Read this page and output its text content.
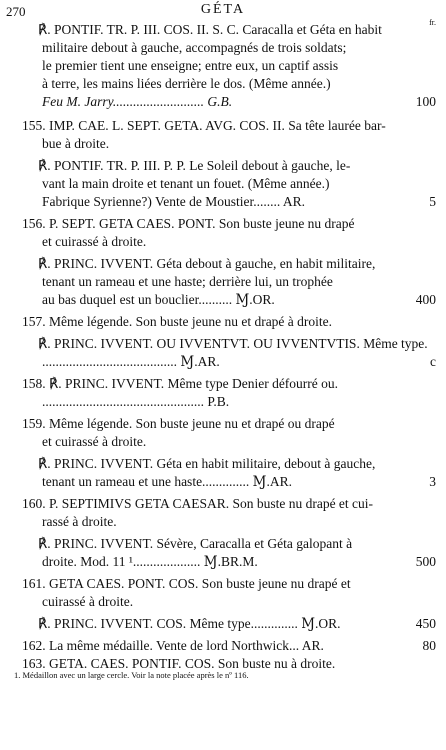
270	GÉTA
fr.
℟. PONTIF. TR. P. III. COS. II. S. C. Caracalla et Géta en habit
militaire debout à gauche, accompagnés de trois soldats;
le premier tient une enseigne; entre eux, un captif assis
à terre, les mains liées derrière le dos. (Même année.)
Feu M. Jarry........................... G.B.	100
155. IMP. CAE. L. SEPT. GETA. AVG. COS. II. Sa tête laurée bar-
bue à droite.
℟. PONTIF. TR. P. III. P. P. Le Soleil debout à gauche, le-
vant la main droite et tenant un fouet. (Même année.)
Fabrique Syrienne?) Vente de Moustier........ AR.	5
156. P. SEPT. GETA CAES. PONT. Son buste jeune nu drapé
et cuirassé à droite.
℟. PRINC. IVVENT. Géta debout à gauche, en habit militaire,
tenant un rameau et une haste; derrière lui, un trophée
au bas duquel est un bouclier.......... Ɱ.OR.	400
157. Même légende. Son buste jeune nu et drapé à droite.
℟. PRINC. IVVENT. OU IVVENTVT. OU IVVENTVTIS. Même type.
........................................ Ɱ.AR.	c
158. ℟. PRINC. IVVENT. Même type Denier défourré ou.
................................................ P.B.
159. Même légende. Son buste jeune nu et drapé ou drapé
et cuirassé à droite.
℟. PRINC. IVVENT. Géta en habit militaire, debout à gauche,
tenant un rameau et une haste.............. Ɱ.AR.	3
160. P. SEPTIMIVS GETA CAESAR. Son buste nu drapé et cui-
rassé à droite.
℟. PRINC. IVVENT. Sévère, Caracalla et Géta galopant à
droite. Mod. 11 ¹.................... Ɱ.BR.M.	500
161. GETA CAES. PONT. COS. Son buste jeune nu drapé et
cuirassé à droite.
℟. PRINC. IVVENT. COS. Même type.............. Ɱ.OR.	450
162. La même médaille. Vente de lord Northwick... AR.	80
163. GETA. CAES. PONTIF. COS. Son buste nu à droite.
1. Médaillon avec un large cercle. Voir la note placée après le nº 116.
